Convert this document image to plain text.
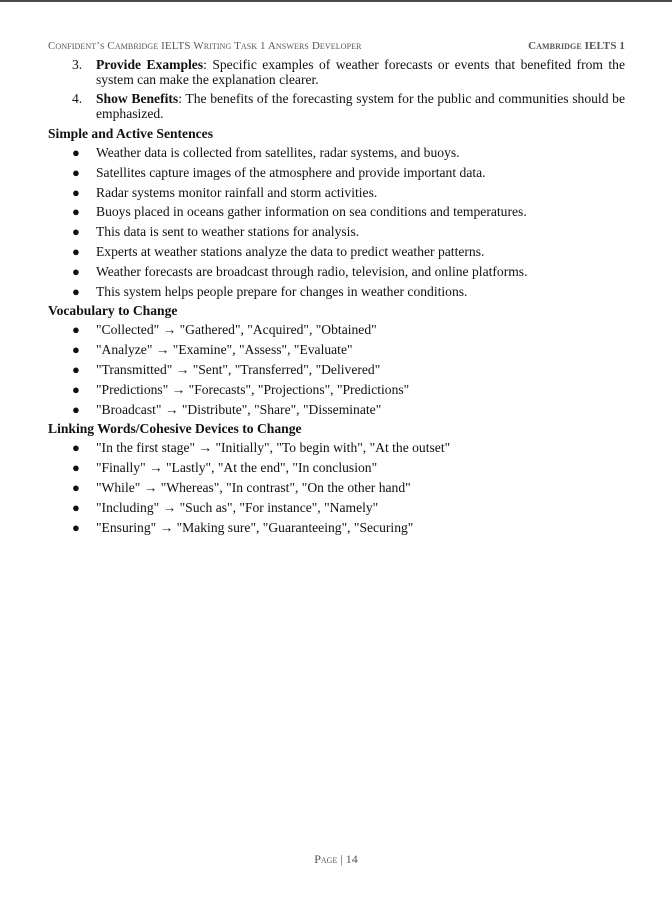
Confident’s Cambridge IELTS Writing Task 1 Answers Developer	Cambridge IELTS 1
3. Provide Examples: Specific examples of weather forecasts or events that benefited from the system can make the explanation clearer.
4. Show Benefits: The benefits of the forecasting system for the public and communities should be emphasized.
Simple and Active Sentences
● Weather data is collected from satellites, radar systems, and buoys.
● Satellites capture images of the atmosphere and provide important data.
● Radar systems monitor rainfall and storm activities.
● Buoys placed in oceans gather information on sea conditions and temperatures.
● This data is sent to weather stations for analysis.
● Experts at weather stations analyze the data to predict weather patterns.
● Weather forecasts are broadcast through radio, television, and online platforms.
● This system helps people prepare for changes in weather conditions.
Vocabulary to Change
● "Collected" → "Gathered", "Acquired", "Obtained"
● "Analyze" → "Examine", "Assess", "Evaluate"
● "Transmitted" → "Sent", "Transferred", "Delivered"
● "Predictions" → "Forecasts", "Projections", "Predictions"
● "Broadcast" → "Distribute", "Share", "Disseminate"
Linking Words/Cohesive Devices to Change
● "In the first stage" → "Initially", "To begin with", "At the outset"
● "Finally" → "Lastly", "At the end", "In conclusion"
● "While" → "Whereas", "In contrast", "On the other hand"
● "Including" → "Such as", "For instance", "Namely"
● "Ensuring" → "Making sure", "Guaranteeing", "Securing"
Page | 14
